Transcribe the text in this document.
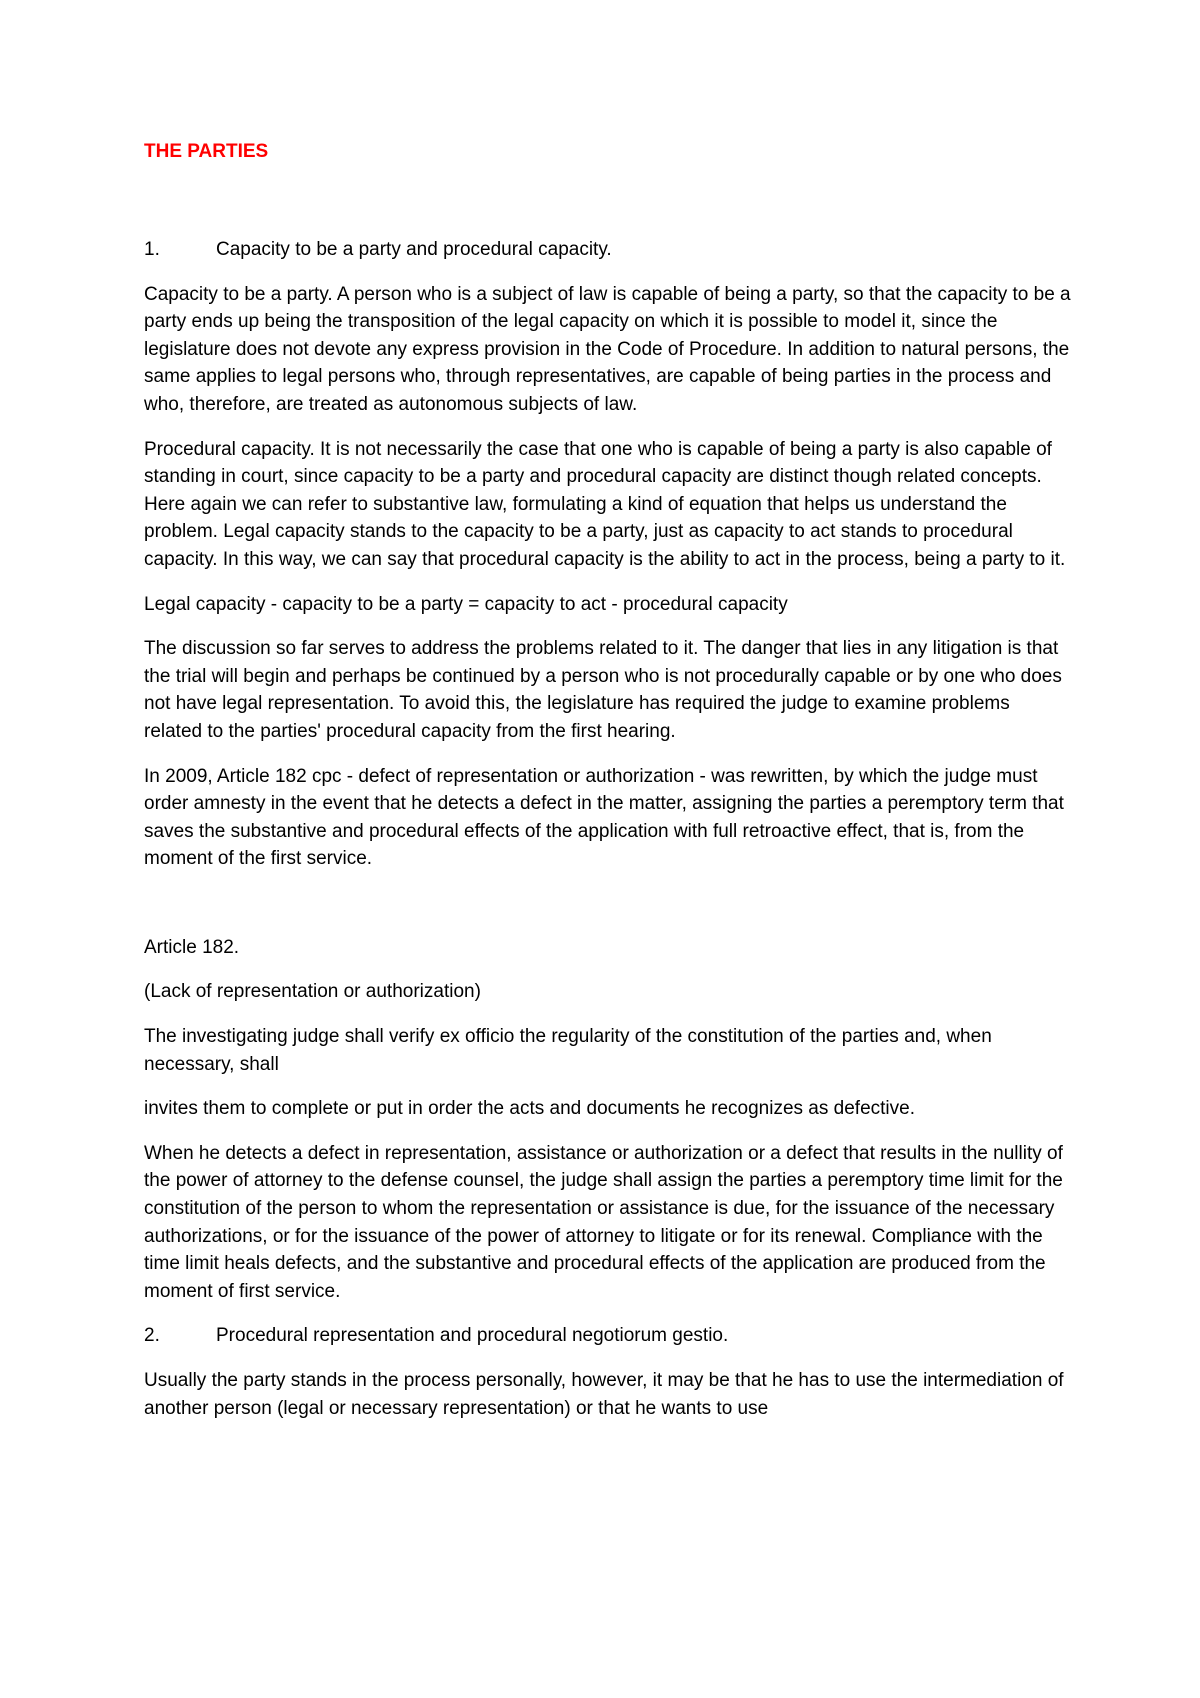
THE PARTIES
1.	Capacity to be a party and procedural capacity.

Capacity to be a party. A person who is a subject of law is capable of being a party, so that the capacity to be a party ends up being the transposition of the legal capacity on which it is possible to model it, since the legislature does not devote any express provision in the Code of Procedure. In addition to natural persons, the same applies to legal persons who, through representatives, are capable of being parties in the process and who, therefore, are treated as autonomous subjects of law.

Procedural capacity. It is not necessarily the case that one who is capable of being a party is also capable of standing in court, since capacity to be a party and procedural capacity are distinct though related concepts. Here again we can refer to substantive law, formulating a kind of equation that helps us understand the problem. Legal capacity stands to the capacity to be a party, just as capacity to act stands to procedural capacity. In this way, we can say that procedural capacity is the ability to act in the process, being a party to it.

Legal capacity - capacity to be a party = capacity to act - procedural capacity

The discussion so far serves to address the problems related to it. The danger that lies in any litigation is that the trial will begin and perhaps be continued by a person who is not procedurally capable or by one who does not have legal representation. To avoid this, the legislature has required the judge to examine problems related to the parties' procedural capacity from the first hearing.

In 2009, Article 182 cpc - defect of representation or authorization - was rewritten, by which the judge must order amnesty in the event that he detects a defect in the matter, assigning the parties a peremptory term that saves the substantive and procedural effects of the application with full retroactive effect, that is, from the moment of the first service.

Article 182.

(Lack of representation or authorization)

The investigating judge shall verify ex officio the regularity of the constitution of the parties and, when necessary, shall

invites them to complete or put in order the acts and documents he recognizes as defective.

When he detects a defect in representation, assistance or authorization or a defect that results in the nullity of the power of attorney to the defense counsel, the judge shall assign the parties a peremptory time limit for the constitution of the person to whom the representation or assistance is due, for the issuance of the necessary authorizations, or for the issuance of the power of attorney to litigate or for its renewal. Compliance with the time limit heals defects, and the substantive and procedural effects of the application are produced from the moment of first service.

2.	Procedural representation and procedural negotiorum gestio.

Usually the party stands in the process personally, however, it may be that he has to use the intermediation of another person (legal or necessary representation) or that he wants to use
